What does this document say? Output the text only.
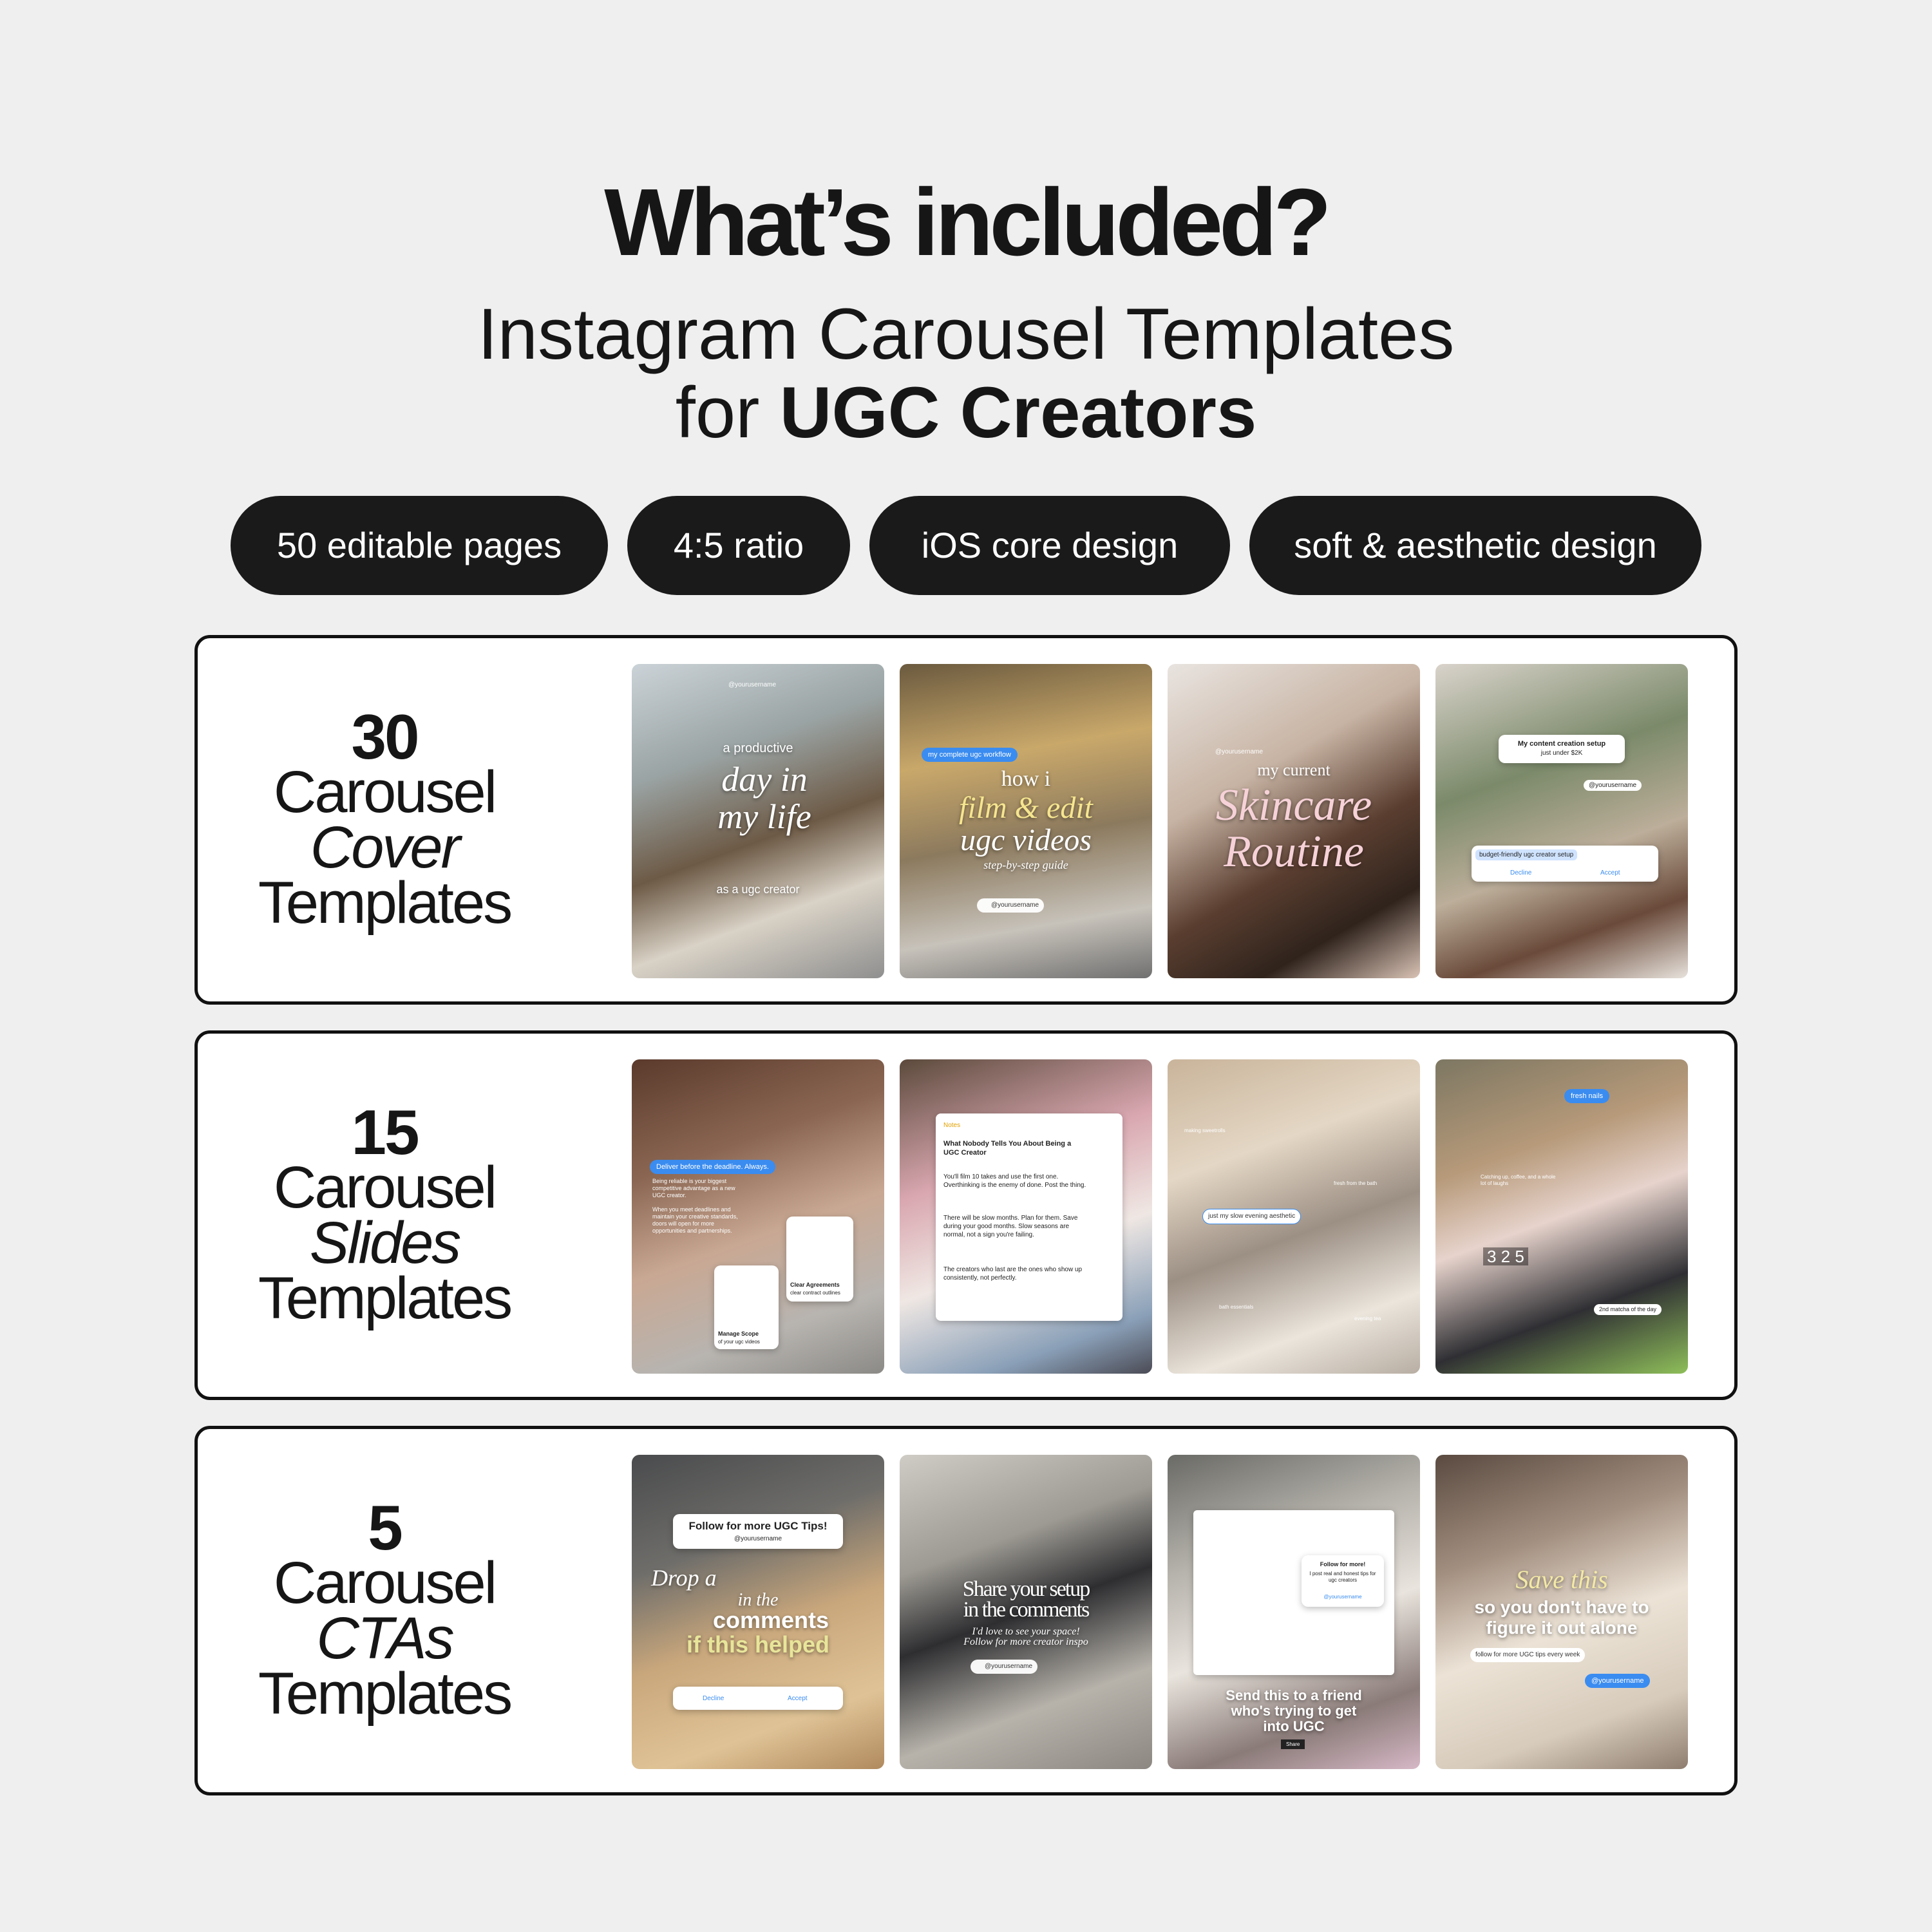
What’s included?

Instagram Carousel Templates
for UGC Creators

50 editable pages	4:5 ratio	iOS core design	soft & aesthetic design
30
Carousel
Cover
Templates
@yourusername
a productive
day in my life
as a ugc creator
my complete ugc workflow
how i
film & edit
ugc videos
step-by-step guide
@yourusername
@yourusername
my current
Skincare
Routine
My content creation setup
just under $2K
@yourusername
budget-friendly ugc creator setup
Decline	Accept
15
Carousel
Slides
Templates
Deliver before the deadline. Always.
Being reliable is your biggest competitive advantage as a new UGC creator.
When you meet deadlines and maintain your creative standards, doors will open for more opportunities and partnerships.
Clear Agreements
clear contract outlines
Manage Scope
of your ugc videos
Notes
What Nobody Tells You About Being a UGC Creator
You'll film 10 takes and use the first one. Overthinking is the enemy of done. Post the thing.
There will be slow months. Plan for them. Save during your good months. Slow seasons are normal, not a sign you're failing.
The creators who last are the ones who show up consistently, not perfectly.
making sweetrolls
just my slow evening aesthetic
fresh from the bath
bath essentials
evening tea
fresh nails
Catching up, coffee, and a whole lot of laughs
3 2 5
2nd matcha of the day
5
Carousel
CTAs
Templates
Follow for more UGC Tips!
@yourusername
Drop a
in the
comments
if this helped
Decline	Accept
Share your setup
in the comments
I'd love to see your space!
Follow for more creator inspo
@yourusername
Follow for more!
I post real and honest tips for ugc creators
@yourusername
Send this to a friend
who's trying to get
into UGC
Share
Save this
so you don't have to
figure it out alone
follow for more UGC tips every week
@yourusername
